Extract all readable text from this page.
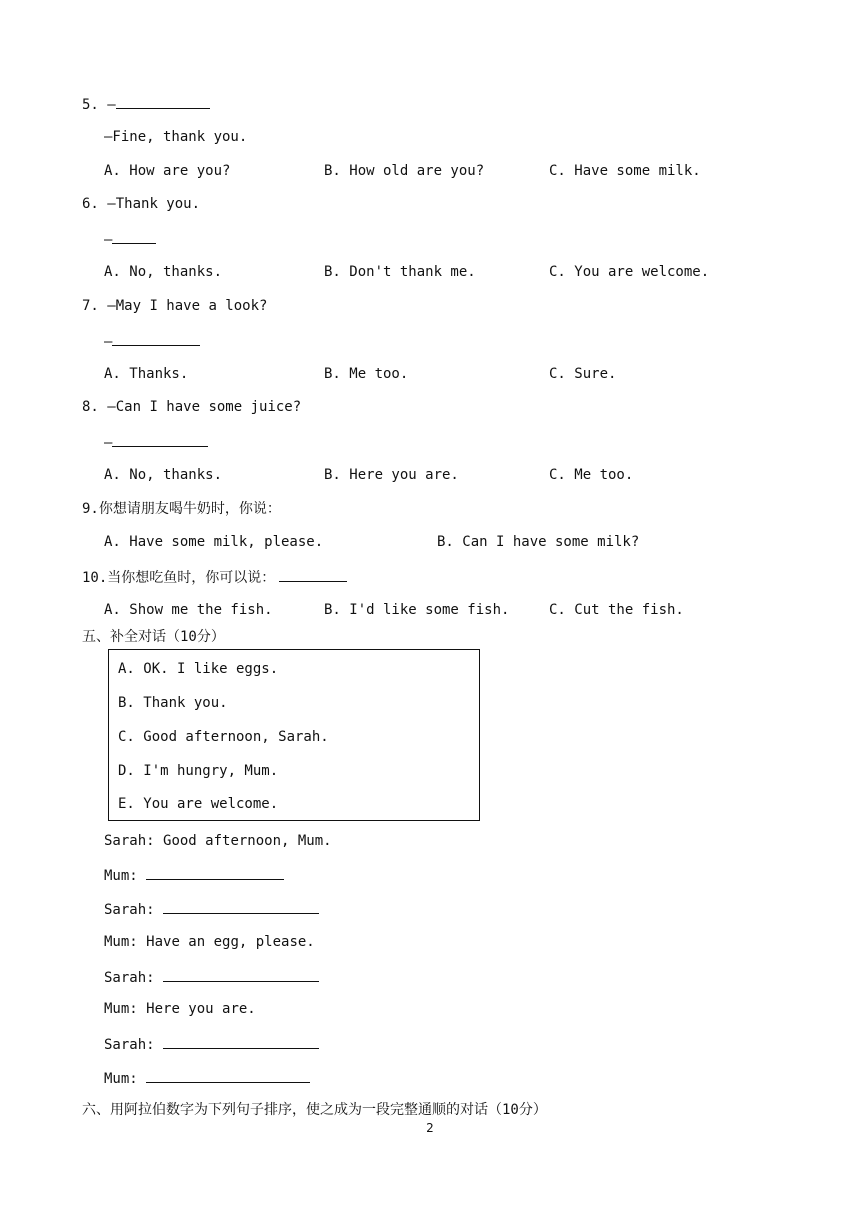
5. —
—Fine, thank you.
A. How are you?	B. How old are you?	C. Have some milk.
6. —Thank you.
—
A. No, thanks.	B. Don't thank me.	C. You are welcome.
7. —May I have a look?
—
A. Thanks.	B. Me too.	C. Sure.
8. —Can I have some juice?
—
A. No, thanks.	B. Here you are.	C. Me too.
9.你想请朋友喝牛奶时，你说：
A. Have some milk, please.	B. Can I have some milk?
10.当你想吃鱼时，你可以说：
A. Show me the fish.	B. I'd like some fish.	C. Cut the fish.
五、补全对话（10分）
A. OK. I like eggs.
B. Thank you.
C. Good afternoon, Sarah.
D. I'm hungry, Mum.
E. You are welcome.
Sarah: Good afternoon, Mum.
Mum:
Sarah:
Mum: Have an egg, please.
Sarah:
Mum: Here you are.
Sarah:
Mum:
六、用阿拉伯数字为下列句子排序，使之成为一段完整通顺的对话（10分）
2
